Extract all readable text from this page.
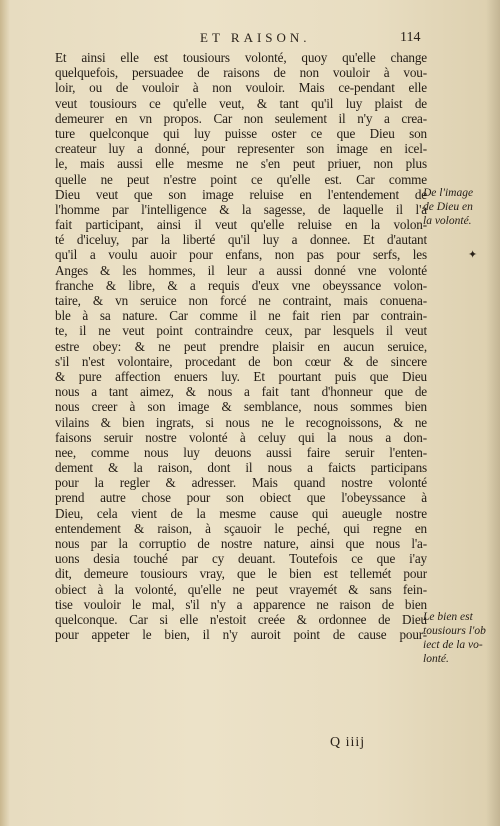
ET RAISON.	114
Et ainsi elle est tousiours volonté, quoy qu'elle change
quelquefois, persuadee de raisons de non vouloir à vou-
loir, ou de vouloir à non vouloir. Mais ce-pendant elle
veut tousiours ce qu'elle veut, & tant qu'il luy plaist de
demeurer en vn propos. Car non seulement il n'y a crea-
ture quelconque qui luy puisse oster ce que Dieu son
createur luy a donné, pour representer son image en icel-
le, mais aussi elle mesme ne s'en peut priuer, non plus
quelle ne peut n'estre point ce qu'elle est. Car comme
Dieu veut que son image reluise en l'entendement de
l'homme par l'intelligence & la sagesse, de laquelle il l'a
fait participant, ainsi il veut qu'elle reluise en la volon-
té d'iceluy, par la liberté qu'il luy a donnee. Et d'autant
qu'il a voulu auoir pour enfans, non pas pour serfs, les
Anges & les hommes, il leur a aussi donné vne volonté
franche & libre, & a requis d'eux vne obeyssance volon-
taire, & vn seruice non forcé ne contraint, mais conuena-
ble à sa nature. Car comme il ne fait rien par contrain-
te, il ne veut point contraindre ceux, par lesquels il veut
estre obey: & ne peut prendre plaisir en aucun seruice,
s'il n'est volontaire, procedant de bon cœur & de sincere
& pure affection enuers luy. Et pourtant puis que Dieu
nous a tant aimez, & nous a fait tant d'honneur que de
nous creer à son image & semblance, nous sommes bien
vilains & bien ingrats, si nous ne le recognoissons, & ne
faisons seruir nostre volonté à celuy qui la nous a don-
nee, comme nous luy deuons aussi faire seruir l'enten-
dement & la raison, dont il nous a faicts participans
pour la regler & adresser. Mais quand nostre volonté
prend autre chose pour son obiect que l'obeyssance à
Dieu, cela vient de la mesme cause qui aueugle nostre
entendement & raison, à sçauoir le peché, qui regne en
nous par la corruptio de nostre nature, ainsi que nous l'a-
uons desia touché par cy deuant. Toutefois ce que i'ay
dit, demeure tousiours vray, que le bien est tellemét pour
obiect à la volonté, qu'elle ne peut vrayemét & sans fein-
tise vouloir le mal, s'il n'y a apparence ne raison de bien
quelconque. Car si elle n'estoit creée & ordonnee de Dieu
pour appeter le bien, il n'y auroit point de cause pour-
De l'image
de Dieu en
la volonté.
✦
Le bien est
tousiours l'ob
iect de la vo-
lonté.
Q iiij
